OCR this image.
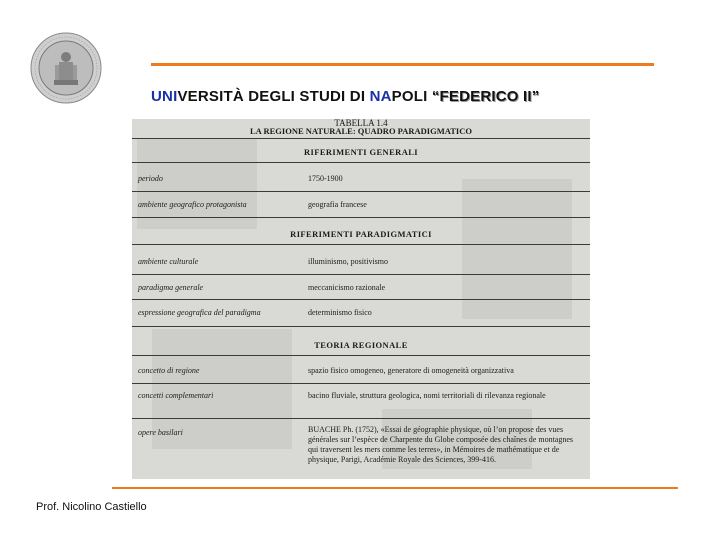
UNIVERSITÀ DEGLI STUDI DI NAPOLI “FEDERICO II”
TABELLA 1.4
LA REGIONE NATURALE: QUADRO PARADIGMATICO
RIFERIMENTI GENERALI
periodo	1750-1900
ambiente geografico protagonista	geografia francese
RIFERIMENTI PARADIGMATICI
ambiente culturale	illuminismo, positivismo
paradigma generale	meccanicismo razionale
espressione geografica del paradigma	determinismo fisico
TEORIA REGIONALE
concetto di regione	spazio fisico omogeneo, generatore di omogeneità organizzativa
concetti complementari	bacino fluviale, struttura geologica, nomi territoriali di rilevanza regionale
opere basilari	BUACHE Ph. (1752), «Essai de géographie physique, où l’on propose des vues générales sur l’espèce de Charpente du Globe composée des chaînes de montagnes qui traversent les mers comme les terres», in Mémoires de mathématique et de physique, Parigi, Académie Royale des Sciences, 399-416.
Prof. Nicolino Castiello
